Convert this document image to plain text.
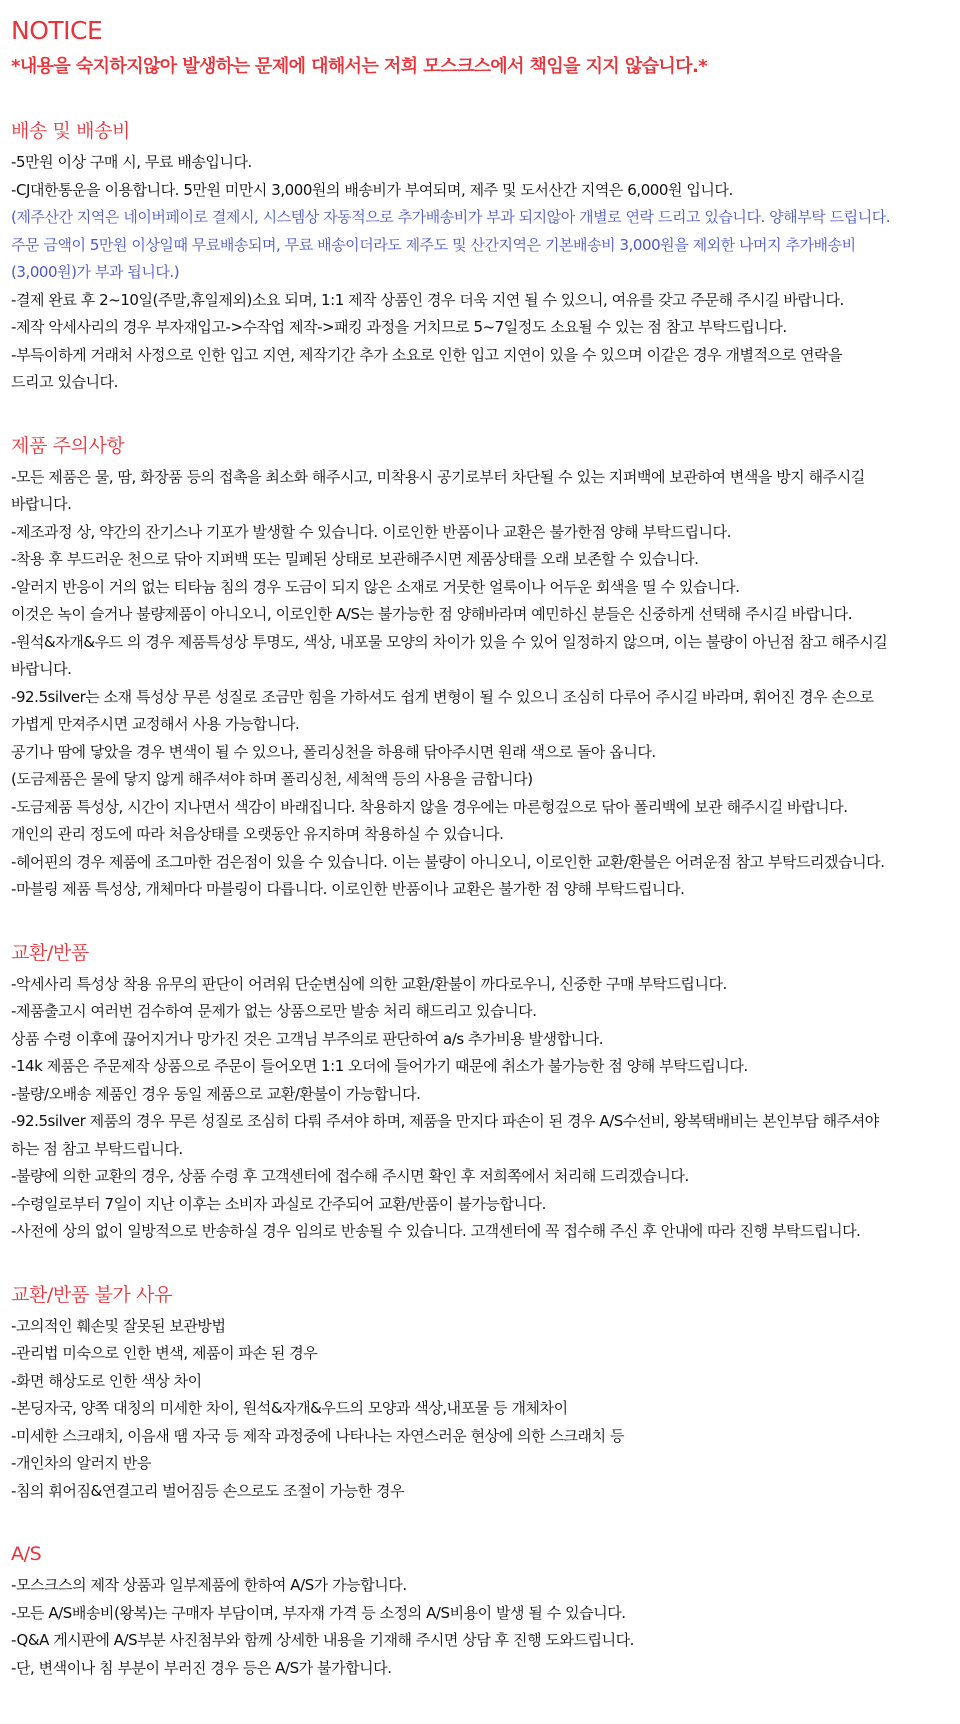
NOTICE
*내용을 숙지하지않아 발생하는 문제에 대해서는 저희 모스크스에서 책임을 지지 않습니다.*
배송 및 배송비
-5만원 이상 구매 시, 무료 배송입니다.
-CJ대한통운을 이용합니다. 5만원 미만시 3,000원의 배송비가 부여되며, 제주 및 도서산간 지역은 6,000원 입니다.
(제주산간 지역은 네이버페이로 결제시, 시스템상 자동적으로 추가배송비가 부과 되지않아 개별로 연락 드리고 있습니다. 양해부탁 드립니다.
주문 금액이 5만원 이상일때 무료배송되며, 무료 배송이더라도 제주도 및 산간지역은 기본배송비 3,000원을 제외한 나머지 추가배송비
(3,000원)가 부과 됩니다.)
-결제 완료 후 2~10일(주말,휴일제외)소요 되며, 1:1 제작 상품인 경우 더욱 지연 될 수 있으니, 여유를 갖고 주문해 주시길 바랍니다.
-제작 악세사리의 경우 부자재입고->수작업 제작->패킹 과정을 거치므로 5~7일정도 소요될 수 있는 점 참고 부탁드립니다.
-부득이하게 거래처 사정으로 인한 입고 지연, 제작기간 추가 소요로 인한 입고 지연이 있을 수 있으며 이같은 경우 개별적으로 연락을
드리고 있습니다.
제품 주의사항
-모든 제품은 물, 땀, 화장품 등의 접촉을 최소화 해주시고, 미착용시 공기로부터 차단될 수 있는 지퍼백에 보관하여 변색을 방지 해주시길
바랍니다.
-제조과정 상, 약간의 잔기스나 기포가 발생할 수 있습니다. 이로인한 반품이나 교환은 불가한점 양해 부탁드립니다.
-착용 후 부드러운 천으로 닦아 지퍼백 또는 밀폐된 상태로 보관해주시면 제품상태를 오래 보존할 수 있습니다.
-알러지 반응이 거의 없는 티타늄 침의 경우 도금이 되지 않은 소재로 거뭇한 얼룩이나 어두운 회색을 띨 수 있습니다.
이것은 녹이 슬거나 불량제품이 아니오니, 이로인한 A/S는 불가능한 점 양해바라며 예민하신 분들은 신중하게 선택해 주시길 바랍니다.
-원석&자개&우드 의 경우 제품특성상 투명도, 색상, 내포물 모양의 차이가 있을 수 있어 일정하지 않으며, 이는 불량이 아닌점 참고 해주시길
바랍니다.
-92.5silver는 소재 특성상 무른 성질로 조금만 힘을 가하셔도 쉽게 변형이 될 수 있으니 조심히 다루어 주시길 바라며, 휘어진 경우 손으로
가볍게 만져주시면 교정해서 사용 가능합니다.
공기나 땀에 닿았을 경우 변색이 될 수 있으나, 폴리싱천을 하용해 닦아주시면 원래 색으로 돌아 옵니다.
(도금제품은 물에 닿지 않게 해주셔야 하며 폴리싱천, 세척액 등의 사용을 금합니다)
-도금제품 특성상, 시간이 지나면서 색감이 바래집니다. 착용하지 않을 경우에는 마른헝겊으로 닦아 폴리백에 보관 해주시길 바랍니다.
개인의 관리 정도에 따라 처음상태를 오랫동안 유지하며 착용하실 수 있습니다.
-헤어핀의 경우 제품에 조그마한 검은점이 있을 수 있습니다. 이는 불량이 아니오니, 이로인한 교환/환불은 어려운점 참고 부탁드리겠습니다.
-마블링 제품 특성상, 개체마다 마블링이 다릅니다. 이로인한 반품이나 교환은 불가한 점 양해 부탁드립니다.
교환/반품
-악세사리 특성상 착용 유무의 판단이 어려워 단순변심에 의한 교환/환불이 까다로우니, 신중한 구매 부탁드립니다.
-제품출고시 여러번 검수하여 문제가 없는 상품으로만 발송 처리 해드리고 있습니다.
상품 수령 이후에 끊어지거나 망가진 것은 고객님 부주의로 판단하여 a/s 추가비용 발생합니다.
-14k 제품은 주문제작 상품으로 주문이 들어오면 1:1 오더에 들어가기 때문에 취소가 불가능한 점 양해 부탁드립니다.
-불량/오배송 제품인 경우 동일 제품으로 교환/환불이 가능합니다.
-92.5silver 제품의 경우 무른 성질로 조심히 다뤄 주셔야 하며, 제품을 만지다 파손이 된 경우 A/S수선비, 왕복택배비는 본인부담 해주셔야
하는 점 참고 부탁드립니다.
-불량에 의한 교환의 경우, 상품 수령 후 고객센터에 접수해 주시면 확인 후 저희쪽에서 처리해 드리겠습니다.
-수령일로부터 7일이 지난 이후는 소비자 과실로 간주되어 교환/반품이 불가능합니다.
-사전에 상의 없이 일방적으로 반송하실 경우 임의로 반송될 수 있습니다. 고객센터에 꼭 접수해 주신 후 안내에 따라 진행 부탁드립니다.
교환/반품 불가 사유
-고의적인 훼손및 잘못된 보관방법
-관리법 미숙으로 인한 변색, 제품이 파손 된 경우
-화면 해상도로 인한 색상 차이
-본딩자국, 양쪽 대칭의 미세한 차이, 원석&자개&우드의 모양과 색상,내포물 등 개체차이
-미세한 스크래치, 이음새 땜 자국 등 제작 과정중에 나타나는 자연스러운 현상에 의한 스크래치 등
-개인차의 알러지 반응
-침의 휘어짐&연결고리 벌어짐등 손으로도 조절이 가능한 경우
A/S
-모스크스의 제작 상품과 일부제품에 한하여 A/S가 가능합니다.
-모든 A/S배송비(왕복)는 구매자 부담이며, 부자재 가격 등 소정의 A/S비용이 발생 될 수 있습니다.
-Q&A 게시판에 A/S부분 사진첨부와 함께 상세한 내용을 기재해 주시면 상담 후 진행 도와드립니다.
-단, 변색이나 침 부분이 부러진 경우 등은 A/S가 불가합니다.
